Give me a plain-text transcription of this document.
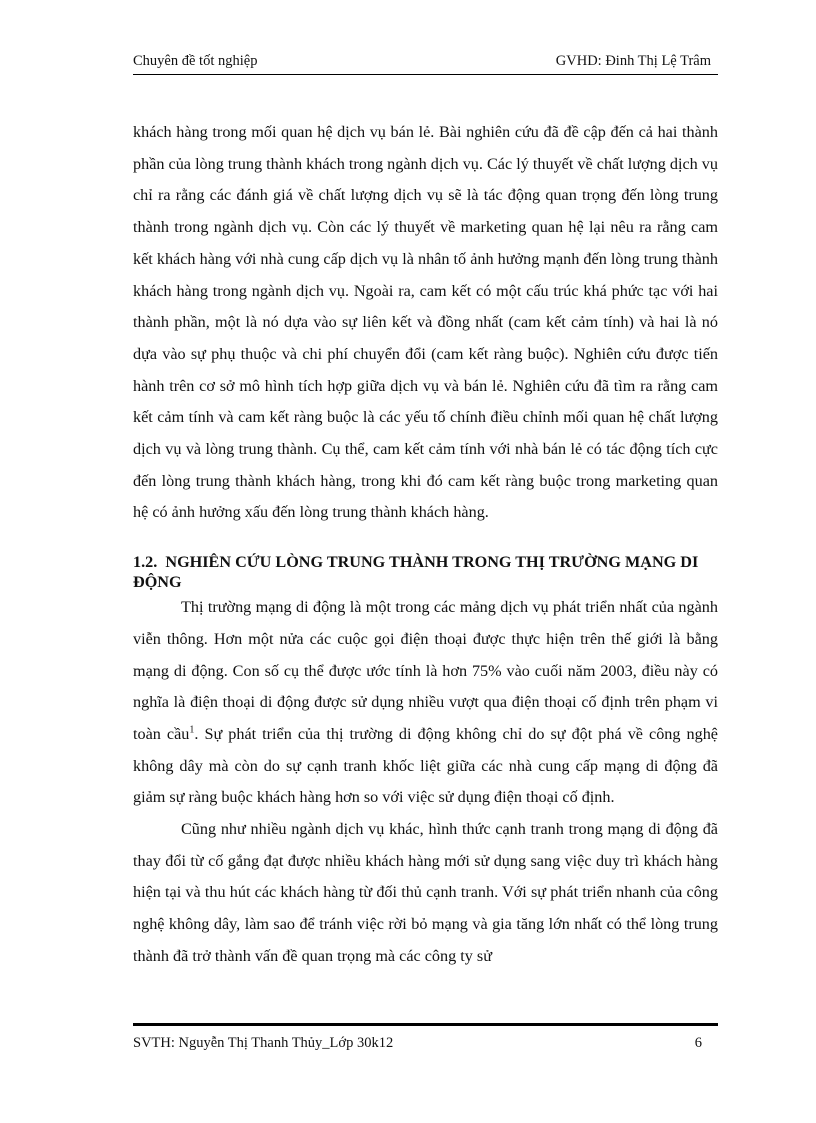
Chuyên đề tốt nghiệp	GVHD: Đinh Thị Lệ Trâm

khách hàng trong mối quan hệ dịch vụ bán lẻ. Bài nghiên cứu đã đề cập đến cả hai thành phần của lòng trung thành khách trong ngành dịch vụ. Các lý thuyết về chất lượng dịch vụ chỉ ra rằng các đánh giá về chất lượng dịch vụ sẽ là tác động quan trọng đến lòng trung thành trong ngành dịch vụ. Còn các lý thuyết về marketing quan hệ lại nêu ra rằng cam kết khách hàng với nhà cung cấp dịch vụ là nhân tố ảnh hưởng mạnh đến lòng trung thành khách hàng trong ngành dịch vụ. Ngoài ra, cam kết có một cấu trúc khá phức tạc với hai thành phần, một là nó dựa vào sự liên kết và đồng nhất (cam kết cảm tính) và hai là nó dựa vào sự phụ thuộc và chi phí chuyển đổi (cam kết ràng buộc). Nghiên cứu được tiến hành trên cơ sở mô hình tích hợp giữa dịch vụ và bán lẻ. Nghiên cứu đã tìm ra rằng cam kết cảm tính và cam kết ràng buộc là các yếu tố chính điều chỉnh mối quan hệ chất lượng dịch vụ và lòng trung thành. Cụ thể, cam kết cảm tính với nhà bán lẻ có tác động tích cực đến lòng trung thành khách hàng, trong khi đó cam kết ràng buộc trong marketing quan hệ có ảnh hưởng xấu đến lòng trung thành khách hàng.

1.2. NGHIÊN CỨU LÒNG TRUNG THÀNH TRONG THỊ TRƯỜNG MẠNG DI ĐỘNG

Thị trường mạng di động là một trong các mảng dịch vụ phát triển nhất của ngành viễn thông. Hơn một nửa các cuộc gọi điện thoại được thực hiện trên thế giới là bằng mạng di động. Con số cụ thể được ước tính là hơn 75% vào cuối năm 2003, điều này có nghĩa là điện thoại di động được sử dụng nhiều vượt qua điện thoại cố định trên phạm vi toàn cầu$^1$. Sự phát triển của thị trường di động không chỉ do sự đột phá về công nghệ không dây mà còn do sự cạnh tranh khốc liệt giữa các nhà cung cấp mạng di động đã giảm sự ràng buộc khách hàng hơn so với việc sử dụng điện thoại cố định.

Cũng như nhiều ngành dịch vụ khác, hình thức cạnh tranh trong mạng di động đã thay đổi từ cố gắng đạt được nhiều khách hàng mới sử dụng sang việc duy trì khách hàng hiện tại và thu hút các khách hàng từ đối thủ cạnh tranh. Với sự phát triển nhanh của công nghệ không dây, làm sao để tránh việc rời bỏ mạng và gia tăng lớn nhất có thể lòng trung thành đã trở thành vấn đề quan trọng mà các công ty sử

SVTH: Nguyễn Thị Thanh Thủy_Lớp 30k12	6
